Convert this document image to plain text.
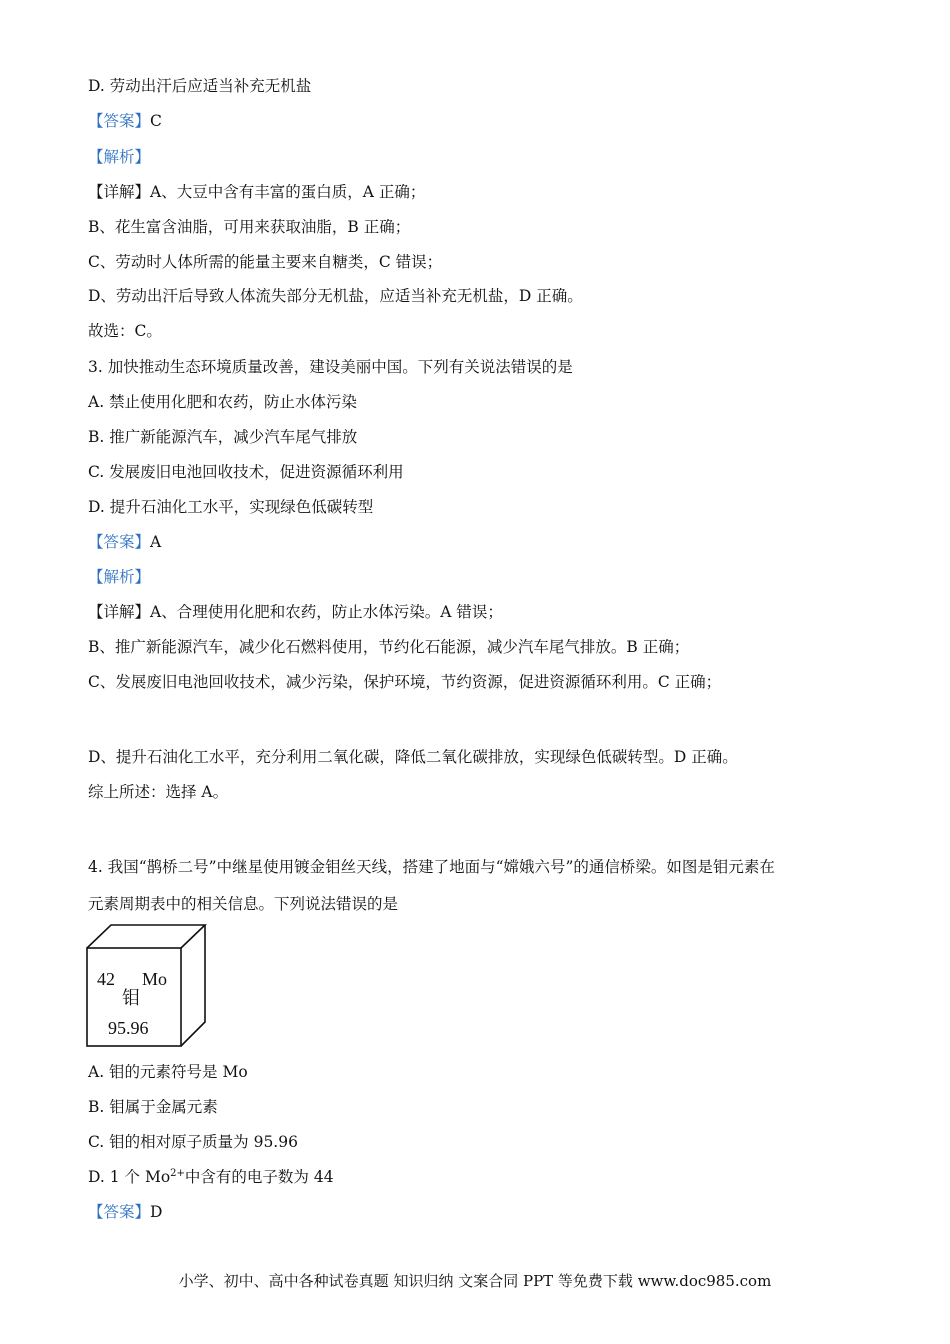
D. 劳动出汗后应适当补充无机盐
【答案】C
【解析】
【详解】A、大豆中含有丰富的蛋白质，A 正确；
B、花生富含油脂，可用来获取油脂，B 正确；
C、劳动时人体所需的能量主要来自糖类，C 错误；
D、劳动出汗后导致人体流失部分无机盐，应适当补充无机盐，D 正确。
故选：C。
3. 加快推动生态环境质量改善，建设美丽中国。下列有关说法错误的是
A. 禁止使用化肥和农药，防止水体污染
B. 推广新能源汽车，减少汽车尾气排放
C. 发展废旧电池回收技术，促进资源循环利用
D. 提升石油化工水平，实现绿色低碳转型
【答案】A
【解析】
【详解】A、合理使用化肥和农药，防止水体污染。A 错误；
B、推广新能源汽车，减少化石燃料使用，节约化石能源，减少汽车尾气排放。B 正确；
C、发展废旧电池回收技术，减少污染，保护环境，节约资源，促进资源循环利用。C 正确；
D、提升石油化工水平，充分利用二氧化碳，降低二氧化碳排放，实现绿色低碳转型。D 正确。
综上所述：选择 A。
4. 我国“鹊桥二号”中继星使用镀金钼丝天线，搭建了地面与“嫦娥六号”的通信桥梁。如图是钼元素在
元素周期表中的相关信息。下列说法错误的是
42 Mo
钼
95.96
A. 钼的元素符号是 Mo
B. 钼属于金属元素
C. 钼的相对原子质量为 95.96
D. 1 个 $Mo^{2+}$中含有的电子数为 44
【答案】D
小学、初中、高中各种试卷真题 知识归纳 文案合同 PPT 等免费下载 www.doc985.com
